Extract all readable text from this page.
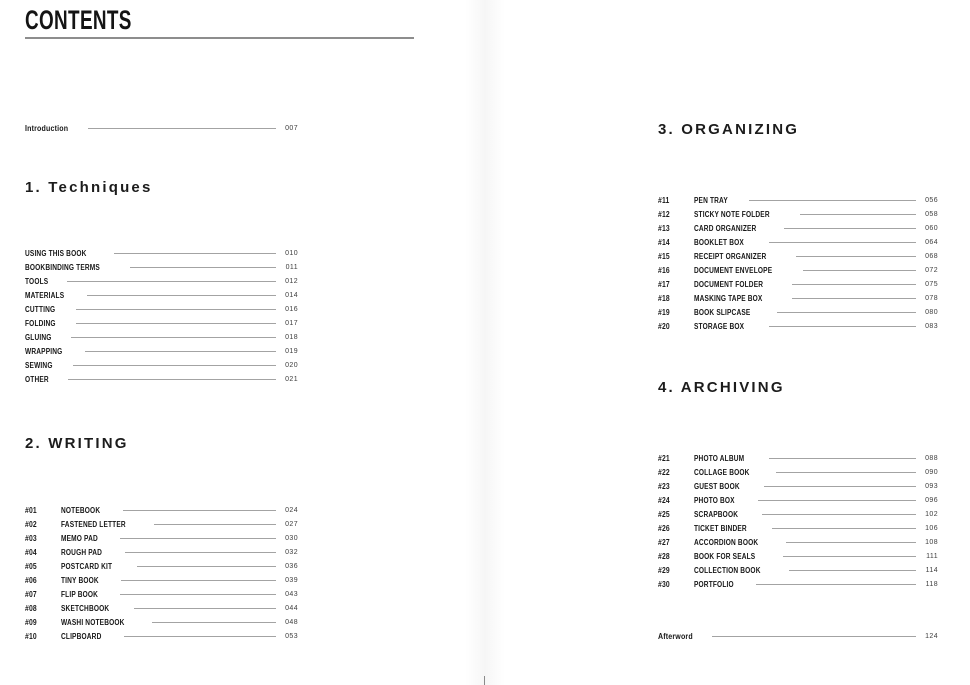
CONTENTS
Introduction	007
1. Techniques
USING THIS BOOK	010
BOOKBINDING TERMS	011
TOOLS	012
MATERIALS	014
CUTTING	016
FOLDING	017
GLUING	018
WRAPPING	019
SEWING	020
OTHER	021
2. WRITING
#01	NOTEBOOK	024
#02	FASTENED LETTER	027
#03	MEMO PAD	030
#04	ROUGH PAD	032
#05	POSTCARD KIT	036
#06	TINY BOOK	039
#07	FLIP BOOK	043
#08	SKETCHBOOK	044
#09	WASHI NOTEBOOK	048
#10	CLIPBOARD	053
3. ORGANIZING
#11	PEN TRAY	056
#12	STICKY NOTE FOLDER	058
#13	CARD ORGANIZER	060
#14	BOOKLET BOX	064
#15	RECEIPT ORGANIZER	068
#16	DOCUMENT ENVELOPE	072
#17	DOCUMENT FOLDER	075
#18	MASKING TAPE BOX	078
#19	BOOK SLIPCASE	080
#20	STORAGE BOX	083
4. ARCHIVING
#21	PHOTO ALBUM	088
#22	COLLAGE BOOK	090
#23	GUEST BOOK	093
#24	PHOTO BOX	096
#25	SCRAPBOOK	102
#26	TICKET BINDER	106
#27	ACCORDION BOOK	108
#28	BOOK FOR SEALS	111
#29	COLLECTION BOOK	114
#30	PORTFOLIO	118
Afterword	124
